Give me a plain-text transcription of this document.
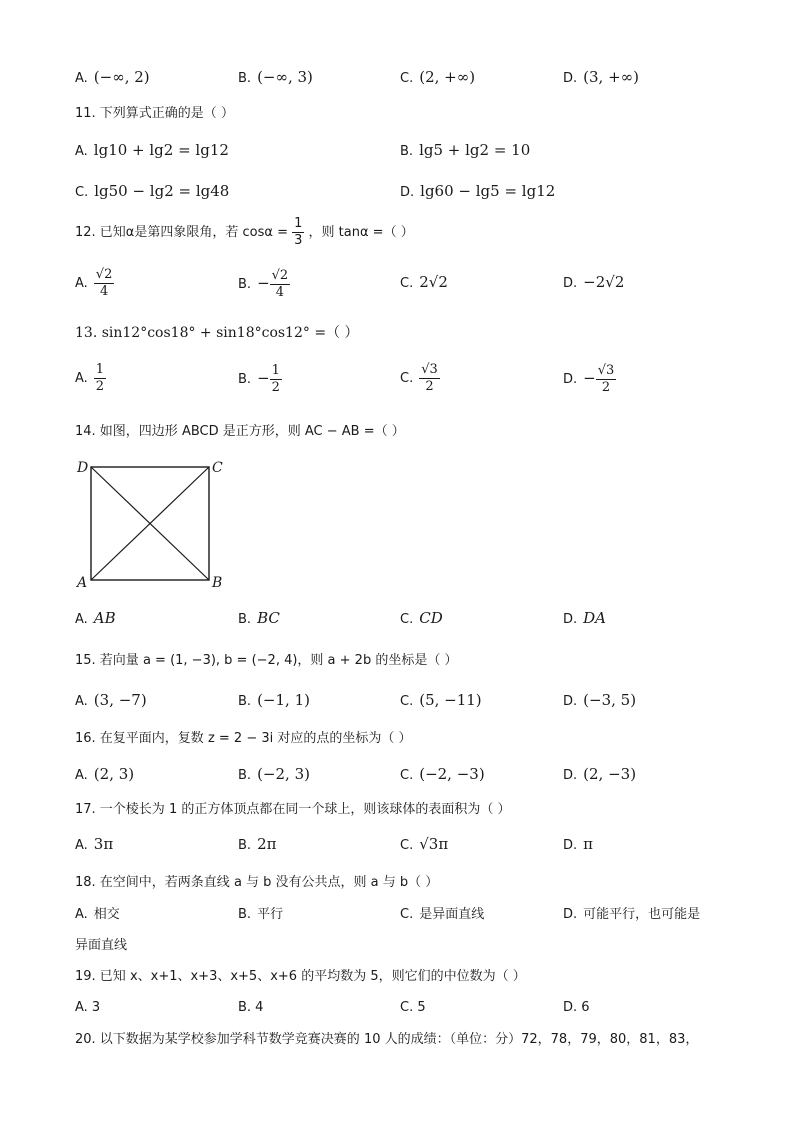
A. (−∞, 2)	B. (−∞, 3)	C. (2, +∞)	D. (3, +∞)
11. 下列算式正确的是（ ）
A. lg10 + lg2 = lg12	B. lg5 + lg2 = 10
C. lg50 − lg2 = lg48	D. lg60 − lg5 = lg12
12. 已知α是第四象限角，若 $\cos\alpha = \frac{1}{3}$ ，则 tanα =（ ）
A. $\frac{√2}{4}$	B. − $\frac{√2}{4}$	C. 2√2	D. −2√2
13. sin12°cos18° + sin18°cos12° =（ ）
A. $\frac{1}{2}$	B. − $\frac{1}{2}$	C. $\frac{√3}{2}$	D. − $\frac{√3}{2}$
14. 如图，四边形 ABCD 是正方形，则 AC − AB =（ ）
D	C
A	B
A. AB	B. BC	C. CD	D. DA
15. 若向量 a = (1, −3), b = (−2, 4)，则 a + 2b 的坐标是（ ）
A. (3, −7)	B. (−1, 1)	C. (5, −11)	D. (−3, 5)
16. 在复平面内，复数 z = 2 − 3i 对应的点的坐标为（ ）
A. (2, 3)	B. (−2, 3)	C. (−2, −3)	D. (2, −3)
17. 一个棱长为 1 的正方体顶点都在同一个球上，则该球体的表面积为（ ）
A. 3π	B. 2π	C. √3π	D. π
18. 在空间中，若两条直线 a 与 b 没有公共点，则 a 与 b（ ）
A. 相交	B. 平行	C. 是异面直线	D. 可能平行，也可能是
异面直线
19. 已知 x、x+1、x+3、x+5、x+6 的平均数为 5，则它们的中位数为（ ）
A. 3	B. 4	C. 5	D. 6
20. 以下数据为某学校参加学科节数学竞赛决赛的 10 人的成绩：（单位：分）72，78，79，80，81，83，
